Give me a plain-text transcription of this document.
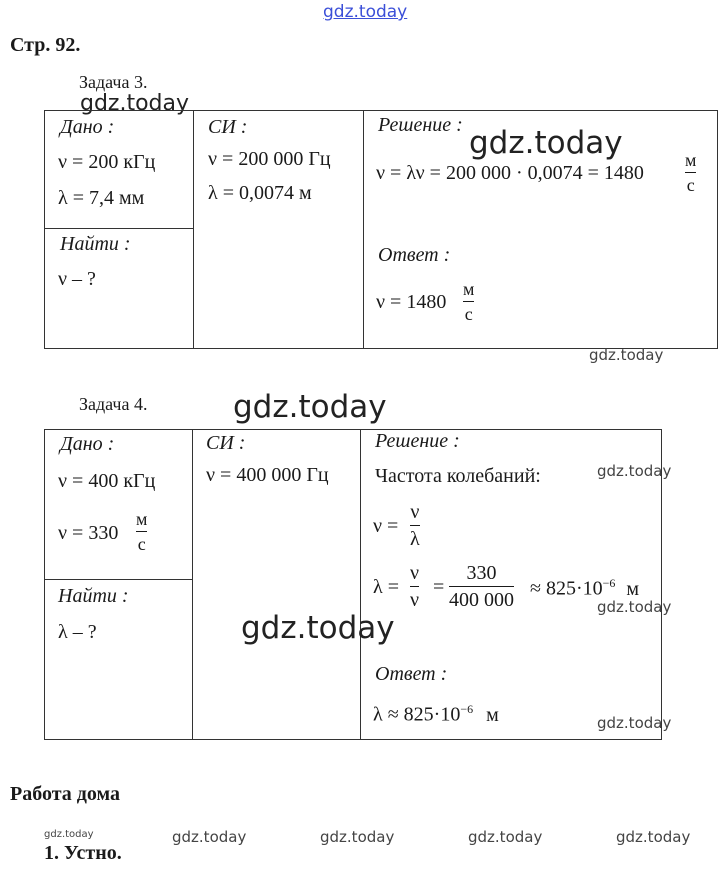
gdz.today
Стр. 92.
Задача 3.
gdz.today
Дано :
ν = 200 кГц
λ = 7,4 мм
Найти :
ν – ?
СИ :
ν = 200 000 Гц
λ = 0,0074 м
Решение : gdz.today
ν = λν = 200 000 · 0,0074 = 1480
м
с
Ответ :
ν = 1480
м
с
gdz.today
Задача 4.	gdz.today
Дано :
ν = 400 кГц
ν = 330
м
с
Найти :
λ – ?
СИ :
ν = 400 000 Гц
Решение :
Частота колебаний:	gdz.today
ν =
ν
λ
λ =
ν
ν
=
330
400 000
≈ $825\cdot 10^{-6}$ м
gdz.today
gdz.today
Ответ :
$\lambda \approx 825\cdot 10^{-6}$ м	gdz.today
Работа дома
gdz.today	gdz.today	gdz.today	gdz.today	gdz.today
1. Устно.
